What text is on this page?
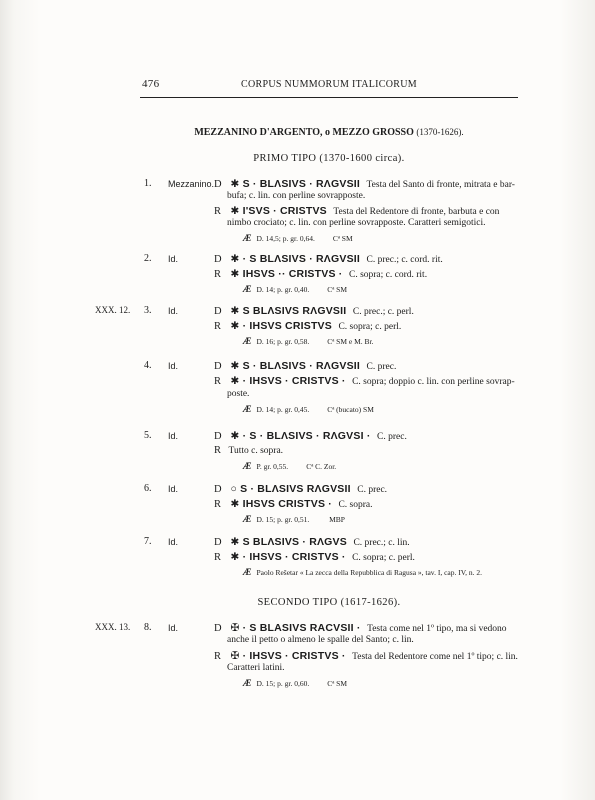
476	CORPUS NUMMORUM ITALICORUM
MEZZANINO D'ARGENTO, o MEZZO GROSSO (1370-1626).
PRIMO TIPO (1370-1600 circa).
1. Mezzanino. D ✱ S · BLΛSIVS · RΛGVSII Testa del Santo di fronte, mitrata e bar-
bufa; c. lin. con perline sovrapposte.
R ✱ I'SVS · CRISTVS Testa del Redentore di fronte, barbuta e con
nimbo crociato; c. lin. con perline sovrapposte. Caratteri semigotici.
Æ D. 14,5; p. gr. 0,64. Cª SM
2. Id.	D ✱ · S BLΛSIVS · RΛGVSII C. prec.; c. cord. rit.
R ✱ IHSVS ·· CRISTVS · C. sopra; c. cord. rit.
Æ D. 14; p. gr. 0,40. Cª SM
XXX. 12. 3. Id.	D ✱ S BLΛSIVS RΛGVSII C. prec.; c. perl.
R ✱ · IHSVS CRISTVS C. sopra; c. perl.
Æ D. 16; p. gr. 0,58. Cª SM e M. Br.
4. Id.	D ✱ S · BLΛSIVS · RΛGVSII C. prec.
R ✱ · IHSVS · CRISTVS · C. sopra; doppio c. lin. con perline sovrap-
poste.
Æ D. 14; p. gr. 0,45. Cª (bucato) SM
5. Id.	D ✱ · S · BLΛSIVS · RΛGVSI · C. prec.
R Tutto c. sopra.
Æ P. gr. 0,55. Cª C. Zor.
6. Id.	D ○ S · BLΛSIVS RΛGVSII C. prec.
R ✱ IHSVS CRISTVS · C. sopra.
Æ D. 15; p. gr. 0,51.	MBP
7. Id.	D ✱ S BLΛSIVS · RΛGVS C. prec.; c. lin.
R ✱ · IHSVS · CRISTVS · C. sopra; c. perl.
Æ Paolo Reŝetar « La zecca della Repubblica di Ragusa », tav. I, cap. IV, n. 2.
SECONDO TIPO (1617-1626).
XXX. 13. 8. Id.	D ✠ · S BLASIVS RACVSII · Testa come nel 1º tipo, ma si vedono
anche il petto o almeno le spalle del Santo; c. lin.
R ✠ · IHSVS · CRISTVS · Testa del Redentore come nel 1º tipo; c. lin.
Caratteri latini.
Æ D. 15; p. gr. 0,60. Cª SM
